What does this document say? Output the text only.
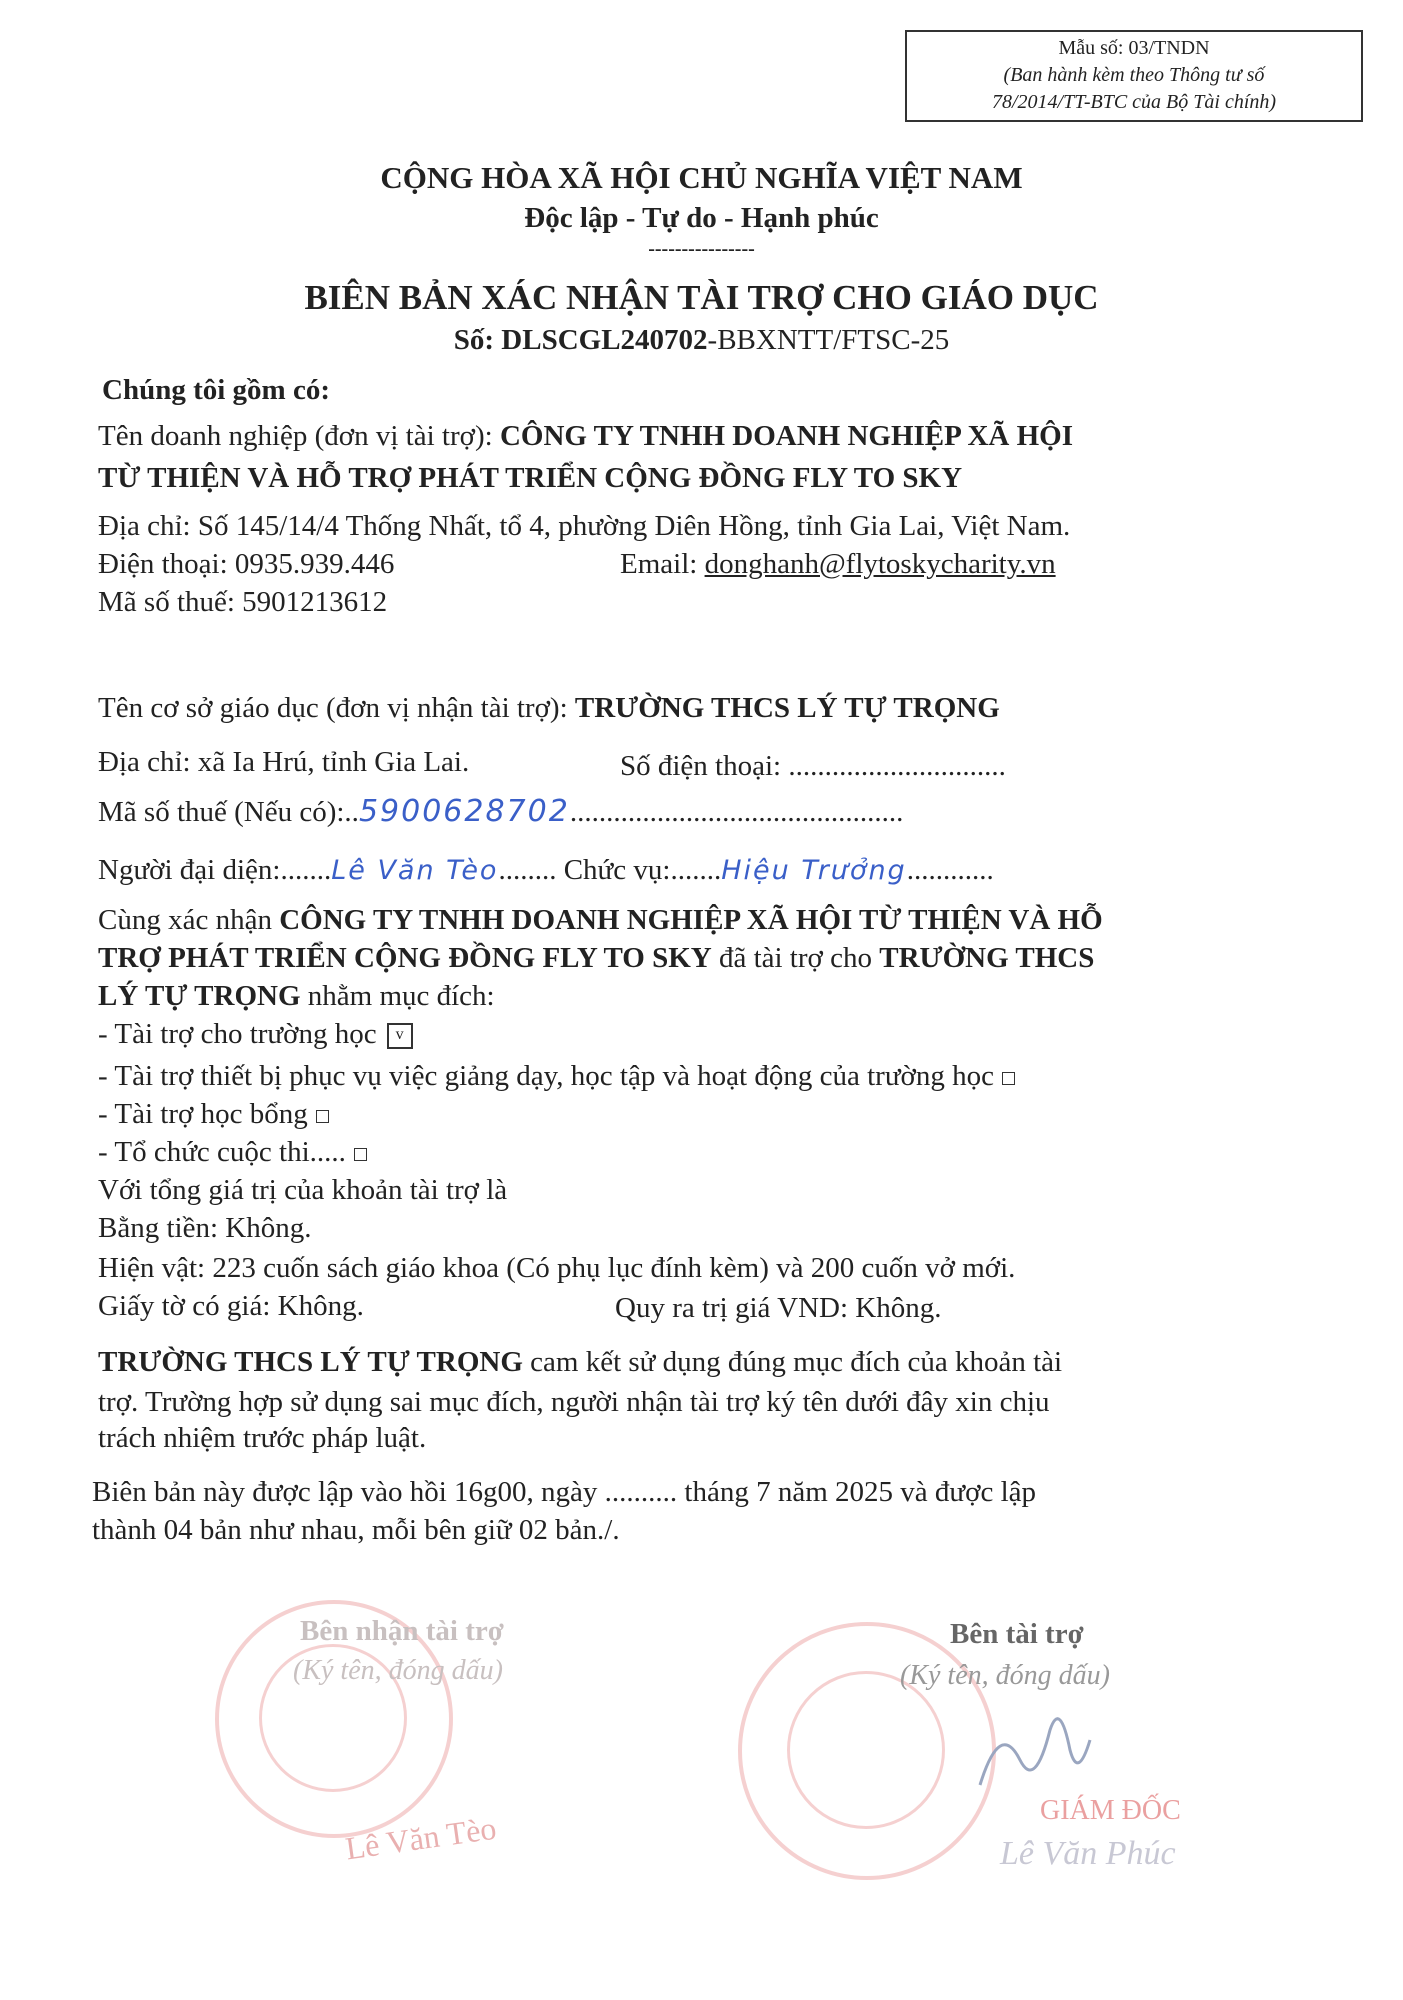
Mẫu số: 03/TNDN
(Ban hành kèm theo Thông tư số
78/2014/TT-BTC của Bộ Tài chính)
CỘNG HÒA XÃ HỘI CHỦ NGHĨA VIỆT NAM
Độc lập - Tự do - Hạnh phúc
----------------
BIÊN BẢN XÁC NHẬN TÀI TRỢ CHO GIÁO DỤC
Số: DLSCGL240702-BBXNTT/FTSC-25
Chúng tôi gồm có:
Tên doanh nghiệp (đơn vị tài trợ): CÔNG TY TNHH DOANH NGHIỆP XÃ HỘI
TỪ THIỆN VÀ HỖ TRỢ PHÁT TRIỂN CỘNG ĐỒNG FLY TO SKY
Địa chỉ: Số 145/14/4 Thống Nhất, tổ 4, phường Diên Hồng, tỉnh Gia Lai, Việt Nam.
Điện thoại: 0935.939.446	Email: donghanh@flytoskycharity.vn
Mã số thuế: 5901213612
Tên cơ sở giáo dục (đơn vị nhận tài trợ): TRƯỜNG THCS LÝ TỰ TRỌNG
Địa chỉ: xã Ia Hrú, tỉnh Gia Lai.	Số điện thoại: ..............................
Mã số thuế (Nếu có):..5900628702..............................................
Người đại diện:.......Lê Văn Tèo........ Chức vụ:.......Hiệu Trưởng............
Cùng xác nhận CÔNG TY TNHH DOANH NGHIỆP XÃ HỘI TỪ THIỆN VÀ HỖ
TRỢ PHÁT TRIỂN CỘNG ĐỒNG FLY TO SKY đã tài trợ cho TRƯỜNG THCS
LÝ TỰ TRỌNG nhằm mục đích:
- Tài trợ cho trường học v
- Tài trợ thiết bị phục vụ việc giảng dạy, học tập và hoạt động của trường học
- Tài trợ học bổng
- Tổ chức cuộc thi.....
Với tổng giá trị của khoản tài trợ là
Bằng tiền: Không.
Hiện vật: 223 cuốn sách giáo khoa (Có phụ lục đính kèm) và 200 cuốn vở mới.
Giấy tờ có giá: Không.	Quy ra trị giá VND: Không.
TRƯỜNG THCS LÝ TỰ TRỌNG cam kết sử dụng đúng mục đích của khoản tài
trợ. Trường hợp sử dụng sai mục đích, người nhận tài trợ ký tên dưới đây xin chịu
trách nhiệm trước pháp luật.
Biên bản này được lập vào hồi 16g00, ngày .......... tháng 7 năm 2025 và được lập
thành 04 bản như nhau, mỗi bên giữ 02 bản./.
Bên nhận tài trợ
(Ký tên, đóng dấu)
Lê Văn Tèo
Bên tài trợ
(Ký tên, đóng dấu)
GIÁM ĐỐC
Lê Văn Phúc
